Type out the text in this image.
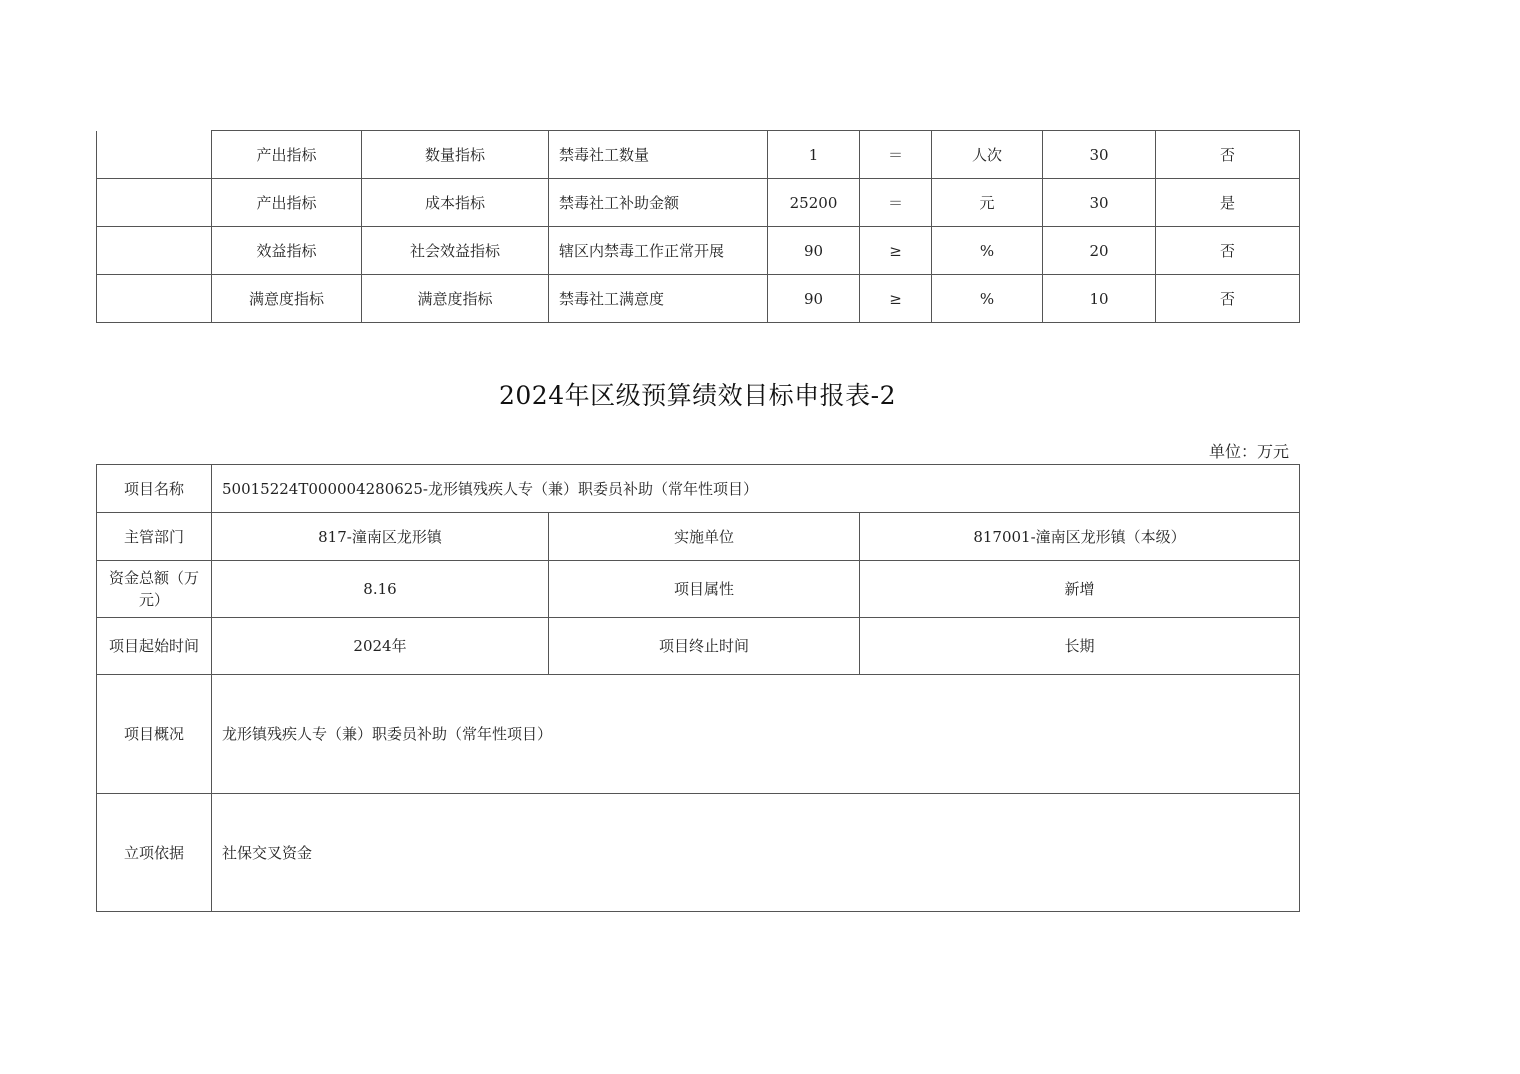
	产出指标	数量指标	禁毒社工数量	1	＝	人次	30	否
	产出指标	成本指标	禁毒社工补助金额	25200	＝	元	30	是
	效益指标	社会效益指标	辖区内禁毒工作正常开展	90	≥	%	20	否
	满意度指标	满意度指标	禁毒社工满意度	90	≥	%	10	否
2024年区级预算绩效目标申报表-2
单位：万元
项目名称	50015224T000004280625-龙形镇残疾人专（兼）职委员补助（常年性项目）		
主管部门	817-潼南区龙形镇	实施单位	817001-潼南区龙形镇（本级）
资金总额（万元）	8.16	项目属性	新增
项目起始时间	2024年	项目终止时间	长期
项目概况	龙形镇残疾人专（兼）职委员补助（常年性项目）		
立项依据	社保交叉资金		
